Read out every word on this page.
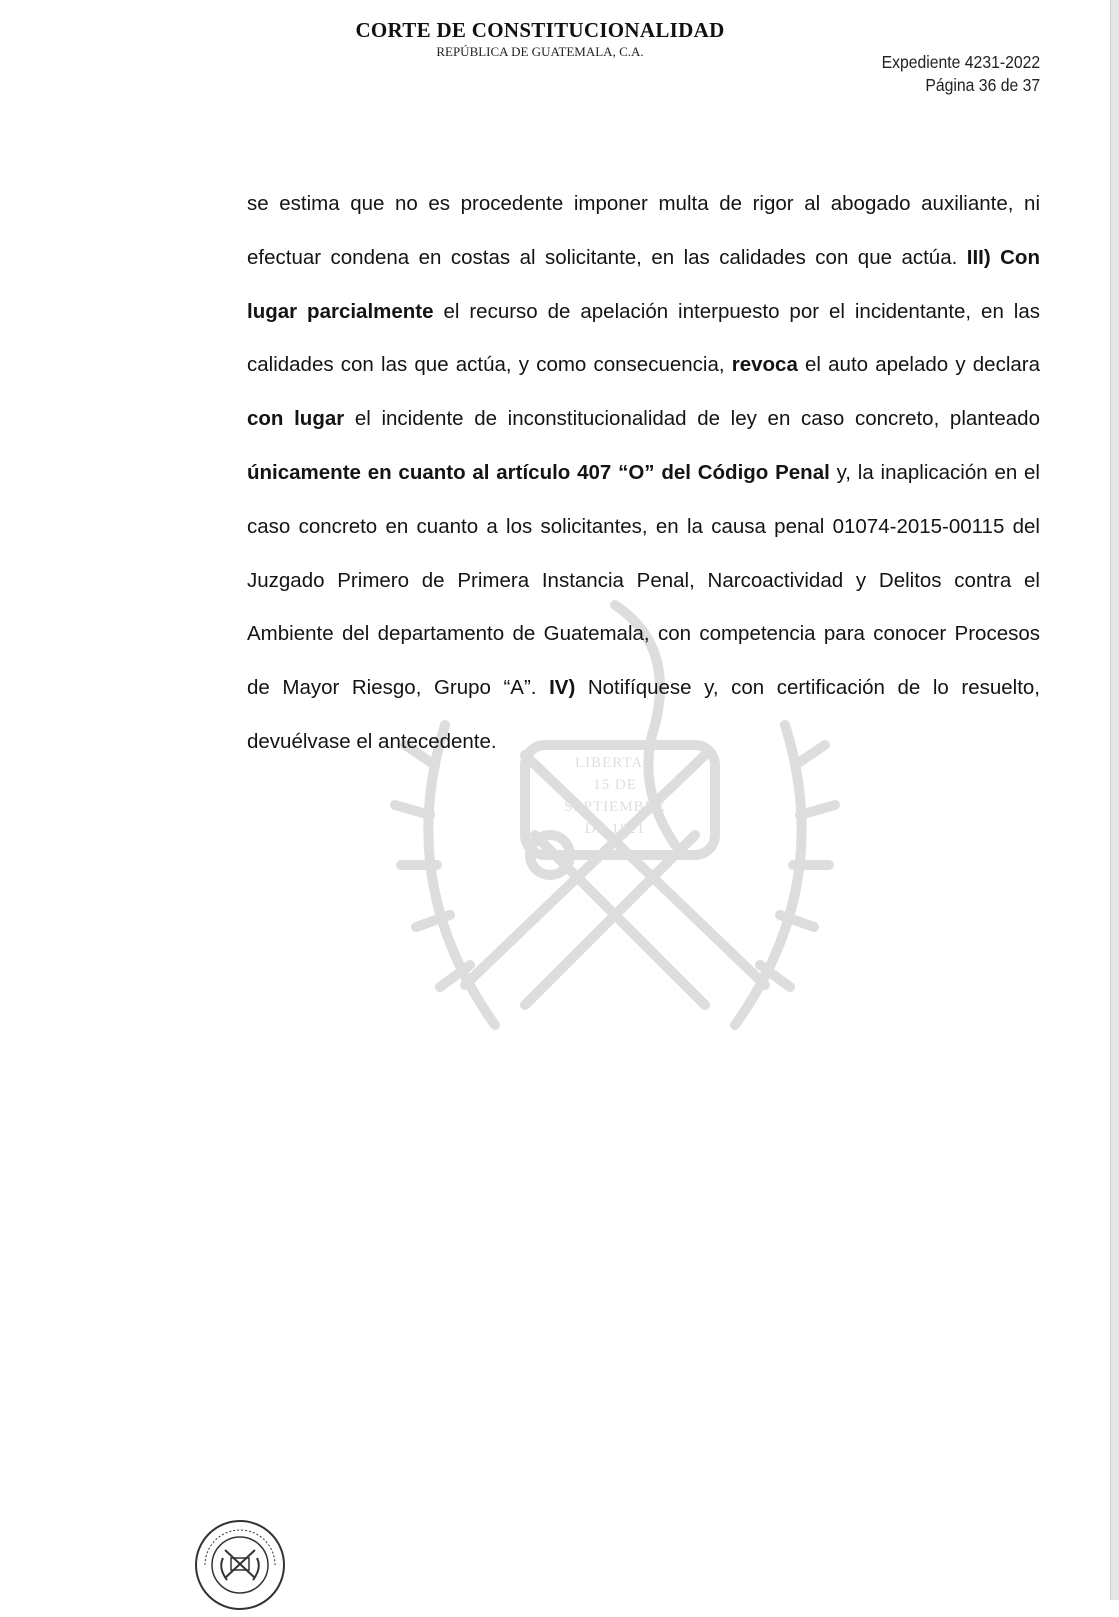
CORTE DE CONSTITUCIONALIDAD
REPÚBLICA DE GUATEMALA, C.A.
Expediente 4231-2022
Página 36 de 37
LIBERTAD
15 DE
SEPTIEMBRE
DE 1821
se estima que no es procedente imponer multa de rigor al abogado auxiliante, ni efectuar condena en costas al solicitante, en las calidades con que actúa. III) Con lugar parcialmente el recurso de apelación interpuesto por el incidentante, en las calidades con las que actúa, y como consecuencia, revoca el auto apelado y declara con lugar el incidente de inconstitucionalidad de ley en caso concreto, planteado únicamente en cuanto al artículo 407 “O” del Código Penal y, la inaplicación en el caso concreto en cuanto a los solicitantes, en la causa penal 01074-2015-00115 del Juzgado Primero de Primera Instancia Penal, Narcoactividad y Delitos contra el Ambiente del departamento de Guatemala, con competencia para conocer Procesos de Mayor Riesgo, Grupo “A”. IV) Notifíquese y, con certificación de lo resuelto, devuélvase el antecedente.
